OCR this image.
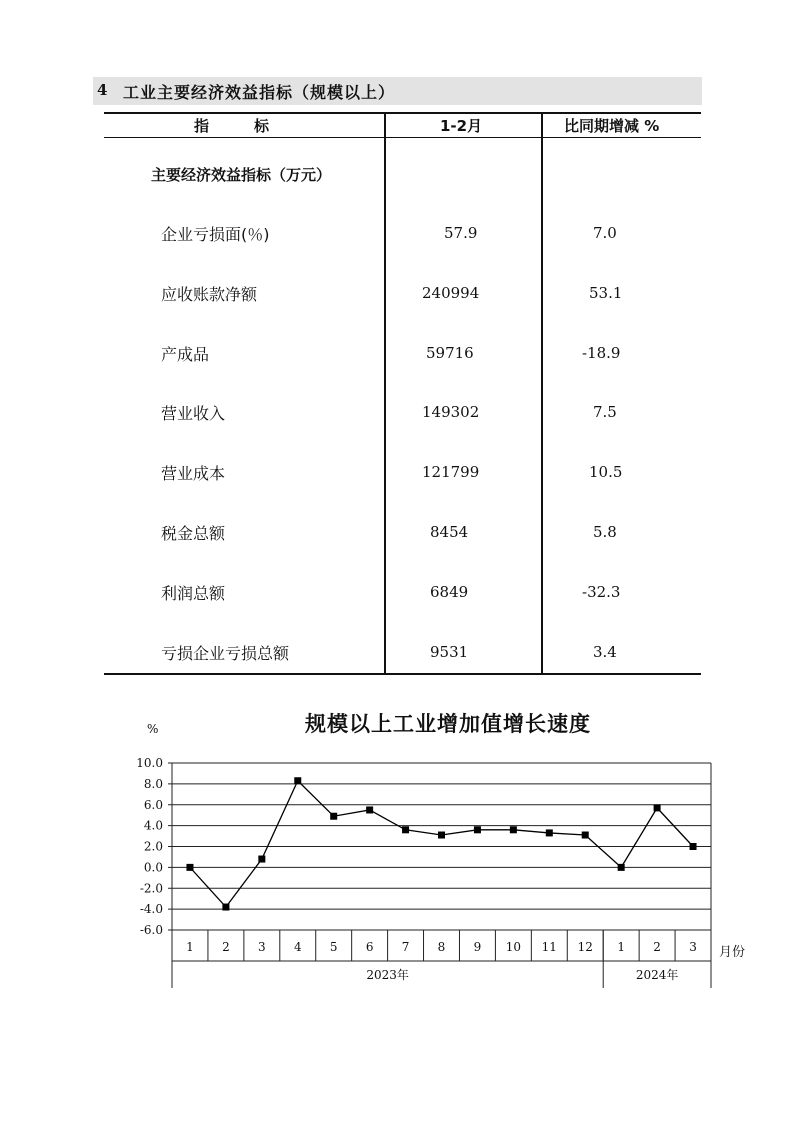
4 工业主要经济效益指标（规模以上）
指　　　标	1-2月	比同期增减 %
主要经济效益指标（万元）
企业亏损面(％)	57.9	7.0
应收账款净额	240994	53.1
产成品	59716	-18.9
营业收入	149302	7.5
营业成本	121799	10.5
税金总额	8454	5.8
利润总额	6849	-32.3
亏损企业亏损总额	9531	3.4
规模以上工业增加值增长速度
%
10.0
8.0
6.0
4.0
2.0
0.0
-2.0
-4.0
-6.0
1 2 3 4 5 6 7 8 9 10 11 12 1 2 3
2023年	2024年
月份
